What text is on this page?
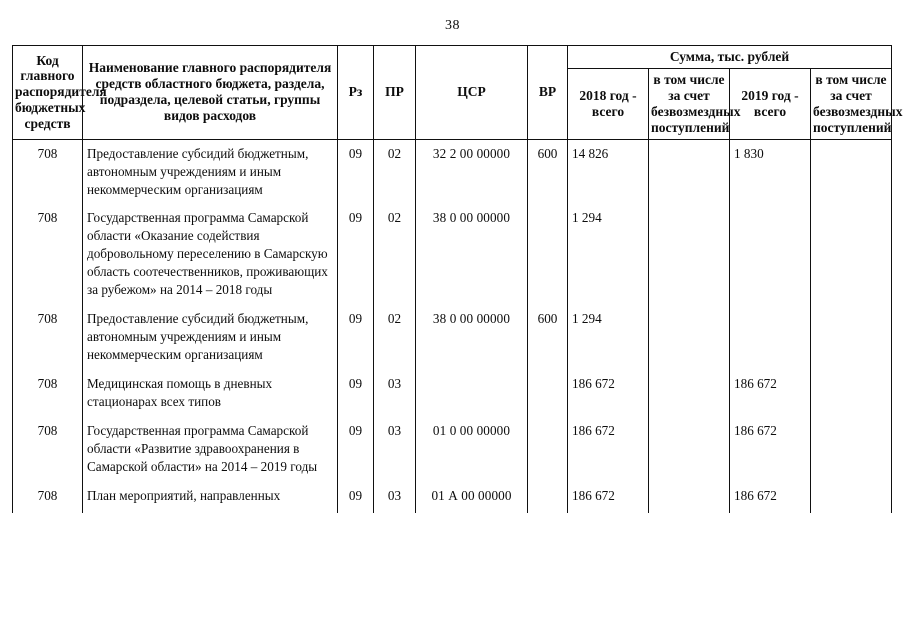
38
Код главного распорядителя бюджетных средств	Наименование главного распорядителя средств областного бюджета, раздела, подраздела, целевой статьи, группы видов расходов	Рз	ПР	ЦСР	ВР	Сумма, тыс. рублей			
						2018 год - всего	в том числе за счет безвозмездных поступлений	2019 год - всего	в том числе за счет безвозмездных поступлений
708	Предоставление субсидий бюджетным, автономным учреждениям и иным некоммерческим организациям	09	02	32 2 00 00000	600	14 826		1 830	
708	Государственная программа Самарской области «Оказание содействия добровольному переселению в Самарскую область соотечественников, проживающих за рубежом» на 2014 – 2018 годы	09	02	38 0 00 00000		1 294			
708	Предоставление субсидий бюджетным, автономным учреждениям и иным некоммерческим организациям	09	02	38 0 00 00000	600	1 294			
708	Медицинская помощь в дневных стационарах всех типов	09	03			186 672		186 672	
708	Государственная программа Самарской области «Развитие здравоохранения в Самарской области» на 2014 – 2019 годы	09	03	01 0 00 00000		186 672		186 672	
708	План мероприятий, направленных	09	03	01 А 00 00000		186 672		186 672	
